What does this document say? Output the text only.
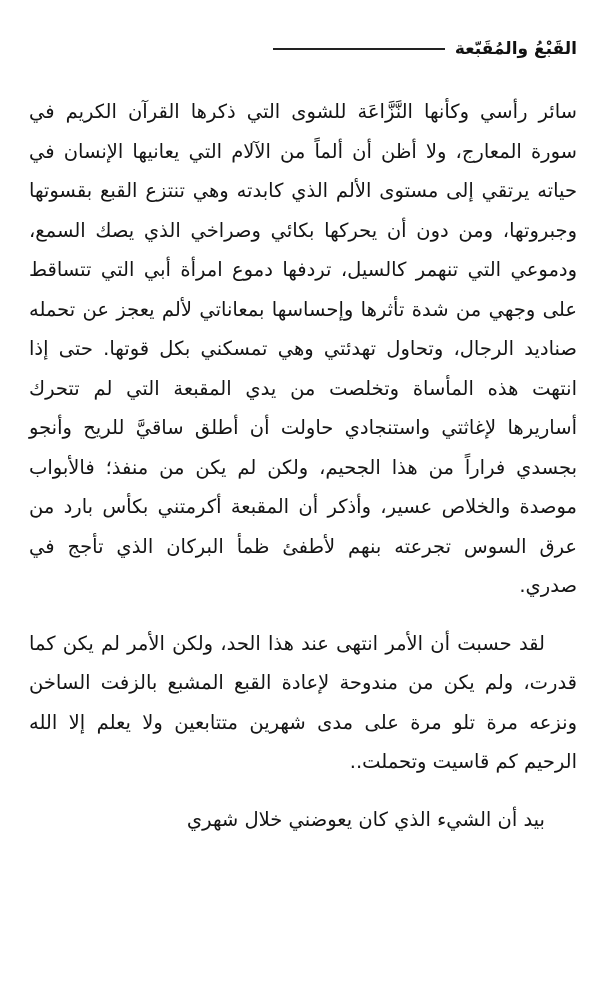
القَبْعُ والمُقَبّعة

سائر رأسي وكأنها النَّزَّاعَة للشوى التي ذكرها القرآن الكريم في سورة المعارج، ولا أظن أن ألماً من الآلام التي يعانيها الإنسان في حياته يرتقي إلى مستوى الألم الذي كابدته وهي تنتزع القبع بقسوتها وجبروتها، ومن دون أن يحركها بكائي وصراخي الذي يصك السمع، ودموعي التي تنهمر كالسيل، تردفها دموع امرأة أبي التي تتساقط على وجهي من شدة تأثرها وإحساسها بمعاناتي لألم يعجز عن تحمله صناديد الرجال، وتحاول تهدئتي وهي تمسكني بكل قوتها. حتى إذا انتهت هذه المأساة وتخلصت من يدي المقبعة التي لم تتحرك أساريرها لإغاثتي واستنجادي حاولت أن أطلق ساقيَّ للريح وأنجو بجسدي فراراً من هذا الجحيم، ولكن لم يكن من منفذ؛ فالأبواب موصدة والخلاص عسير، وأذكر أن المقبعة أكرمتني بكأس بارد من عرق السوس تجرعته بنهم لأطفئ ظمأ البركان الذي تأجج في صدري.

لقد حسبت أن الأمر انتهى عند هذا الحد، ولكن الأمر لم يكن كما قدرت، ولم يكن من مندوحة لإعادة القبع المشبع بالزفت الساخن ونزعه مرة تلو مرة على مدى شهرين متتابعين ولا يعلم إلا الله الرحيم كم قاسيت وتحملت..

بيد أن الشيء الذي كان يعوضني خلال شهري
